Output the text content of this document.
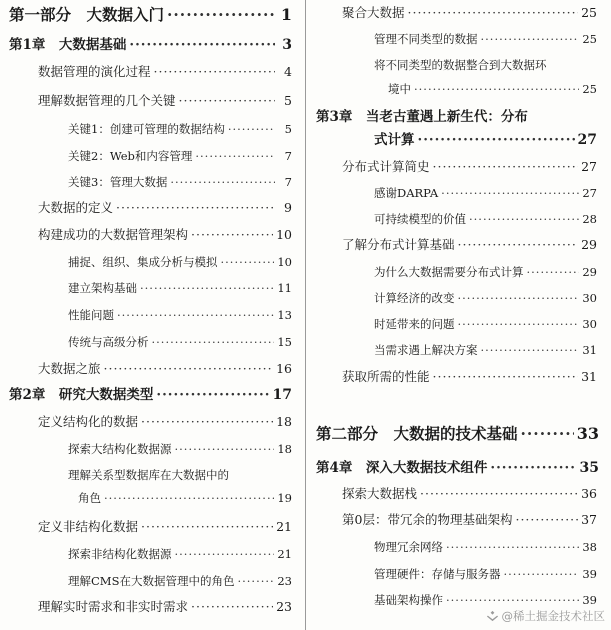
第一部分　大数据入门 ·····	1
第1章　大数据基础 ·····	3
数据管理的演化过程 ·····	4
理解数据管理的几个关键 ·····	5
关键1：创建可管理的数据结构 ·····	5
关键2：Web和内容管理 ·····	7
关键3：管理大数据 ·····	7
大数据的定义 ·····	9
构建成功的大数据管理架构 ·····	10
捕捉、组织、集成分析与模拟 ·····	10
建立架构基础 ·····	11
性能问题 ·····	13
传统与高级分析 ·····	15
大数据之旅 ·····	16
第2章　研究大数据类型 ·····	17
定义结构化的数据 ·····	18
探索大结构化数据源 ·····	18
理解关系型数据库在大数据中的
角色 ·····	19
定义非结构化数据 ·····	21
探索非结构化数据源 ·····	21
理解CMS在大数据管理中的角色 ·····	23
理解实时需求和非实时需求 ·····	23
聚合大数据 ·····	25
管理不同类型的数据 ·····	25
将不同类型的数据整合到大数据环
境中 ·····	25
第3章　当老古董遇上新生代：分布
式计算 ·····	27
分布式计算简史 ·····	27
感谢DARPA ·····	27
可持续模型的价值 ·····	28
了解分布式计算基础 ·····	29
为什么大数据需要分布式计算 ·····	29
计算经济的改变 ·····	30
时延带来的问题 ·····	30
当需求遇上解决方案 ·····	31
获取所需的性能 ·····	31
第二部分　大数据的技术基础 ·····	33
第4章　深入大数据技术组件 ·····	35
探索大数据栈 ·····	36
第0层：带冗余的物理基础架构 ·····	37
物理冗余网络 ·····	38
管理硬件：存储与服务器 ·····	39
基础架构操作 ·····	39
@稀土掘金技术社区
